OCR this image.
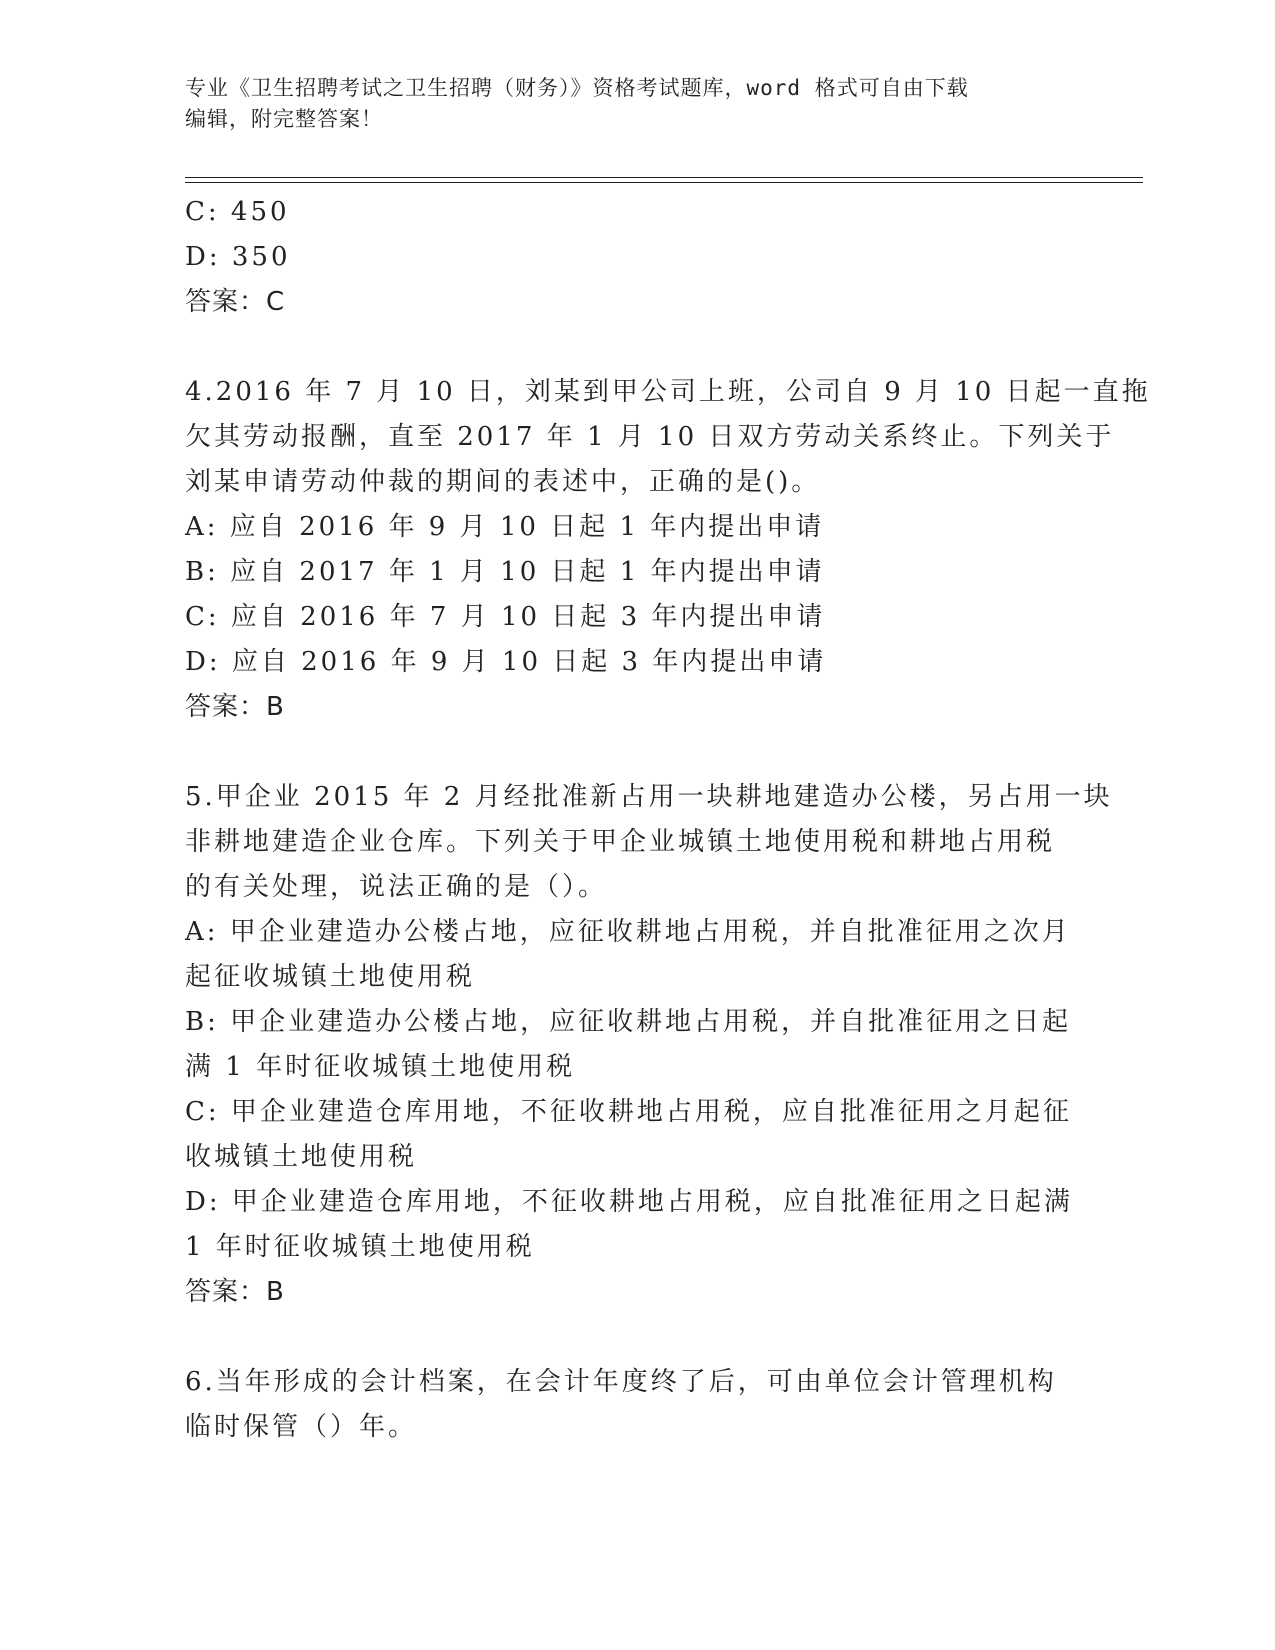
专业《卫生招聘考试之卫生招聘（财务）》资格考试题库，word 格式可自由下载
编辑，附完整答案！
C: 450
D: 350
答案：C
4.2016 年 7 月 10 日，刘某到甲公司上班，公司自 9 月 10 日起一直拖
欠其劳动报酬，直至 2017 年 1 月 10 日双方劳动关系终止。下列关于
刘某申请劳动仲裁的期间的表述中，正确的是()。
A: 应自 2016 年 9 月 10 日起 1 年内提出申请
B: 应自 2017 年 1 月 10 日起 1 年内提出申请
C: 应自 2016 年 7 月 10 日起 3 年内提出申请
D: 应自 2016 年 9 月 10 日起 3 年内提出申请
答案：B
5.甲企业 2015 年 2 月经批准新占用一块耕地建造办公楼，另占用一块
非耕地建造企业仓库。下列关于甲企业城镇土地使用税和耕地占用税
的有关处理，说法正确的是（）。
A: 甲企业建造办公楼占地，应征收耕地占用税，并自批准征用之次月
起征收城镇土地使用税
B: 甲企业建造办公楼占地，应征收耕地占用税，并自批准征用之日起
满 1 年时征收城镇土地使用税
C: 甲企业建造仓库用地，不征收耕地占用税，应自批准征用之月起征
收城镇土地使用税
D: 甲企业建造仓库用地，不征收耕地占用税，应自批准征用之日起满
1 年时征收城镇土地使用税
答案：B
6.当年形成的会计档案，在会计年度终了后，可由单位会计管理机构
临时保管（）年。
